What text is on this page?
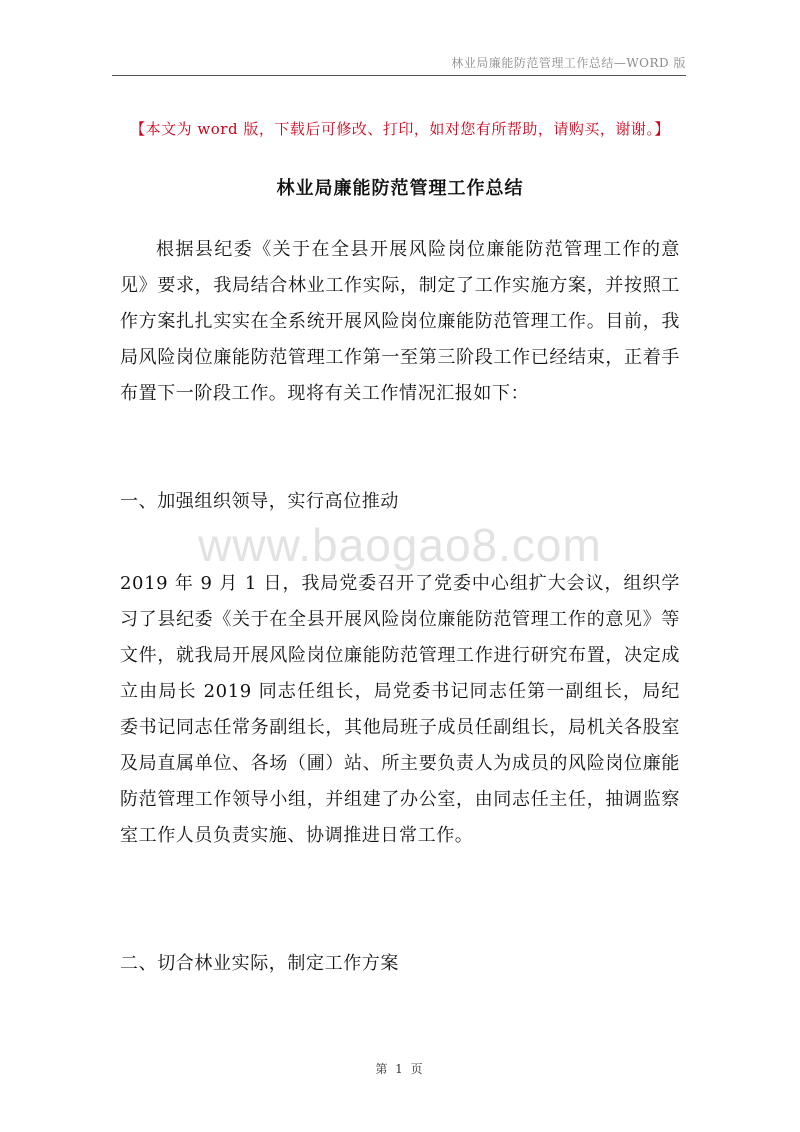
林业局廉能防范管理工作总结—WORD 版
【本文为 word 版，下载后可修改、打印，如对您有所帮助，请购买，谢谢。】
林业局廉能防范管理工作总结

根据县纪委《关于在全县开展风险岗位廉能防范管理工作的意见》要求，我局结合林业工作实际，制定了工作实施方案，并按照工作方案扎扎实实在全系统开展风险岗位廉能防范管理工作。目前，我局风险岗位廉能防范管理工作第一至第三阶段工作已经结束，正着手布置下一阶段工作。现将有关工作情况汇报如下：

一、加强组织领导，实行高位推动

www.baogao8.com

2019 年 9 月 1 日，我局党委召开了党委中心组扩大会议，组织学习了县纪委《关于在全县开展风险岗位廉能防范管理工作的意见》等文件，就我局开展风险岗位廉能防范管理工作进行研究布置，决定成立由局长 2019 同志任组长，局党委书记同志任第一副组长，局纪委书记同志任常务副组长，其他局班子成员任副组长，局机关各股室及局直属单位、各场（圃）站、所主要负责人为成员的风险岗位廉能防范管理工作领导小组，并组建了办公室，由同志任主任，抽调监察室工作人员负责实施、协调推进日常工作。

二、切合林业实际，制定工作方案

第 1 页
